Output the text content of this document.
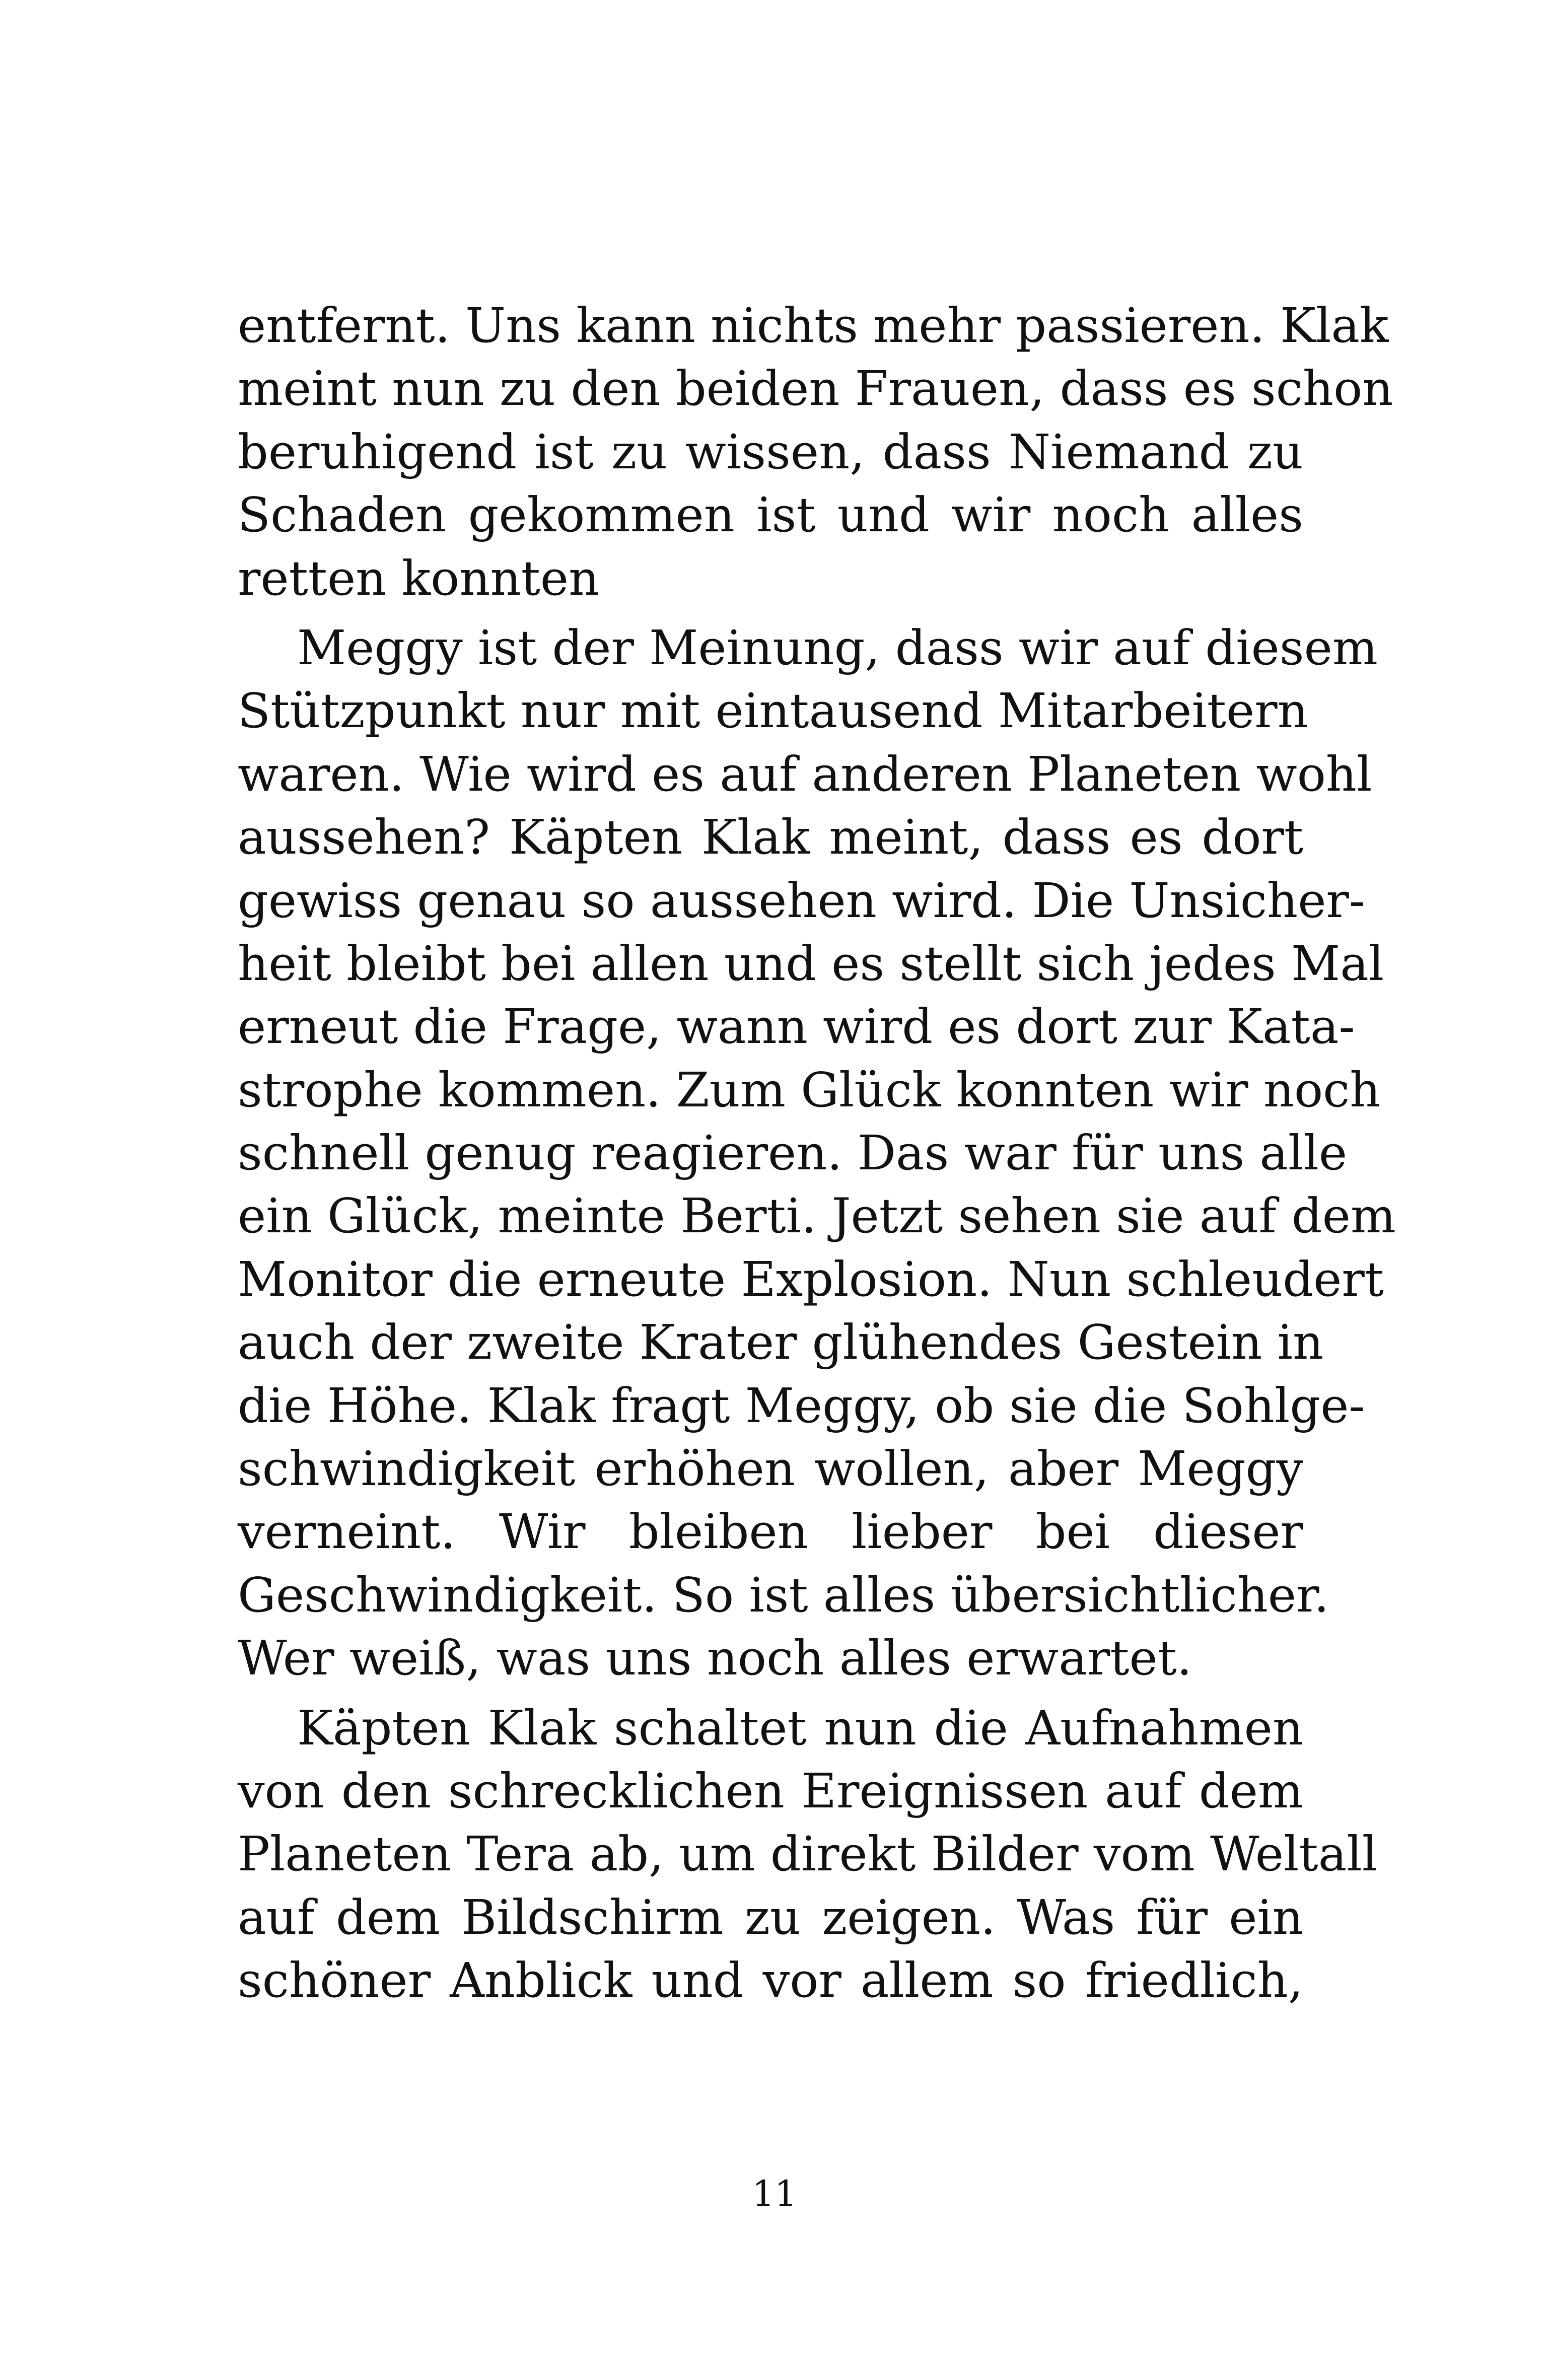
entfernt. Uns kann nichts mehr passieren. Klak
meint nun zu den beiden Frauen, dass es schon
beruhigend ist zu wissen, dass Niemand zu
Schaden gekommen ist und wir noch alles
retten konnten
Meggy ist der Meinung, dass wir auf diesem
Stützpunkt nur mit eintausend Mitarbeitern
waren. Wie wird es auf anderen Planeten wohl
aussehen? Käpten Klak meint, dass es dort
gewiss genau so aussehen wird. Die Unsicher-
heit bleibt bei allen und es stellt sich jedes Mal
erneut die Frage, wann wird es dort zur Kata-
strophe kommen. Zum Glück konnten wir noch
schnell genug reagieren. Das war für uns alle
ein Glück, meinte Berti. Jetzt sehen sie auf dem
Monitor die erneute Explosion. Nun schleudert
auch der zweite Krater glühendes Gestein in
die Höhe. Klak fragt Meggy, ob sie die Sohlge-
schwindigkeit erhöhen wollen, aber Meggy
verneint. Wir bleiben lieber bei dieser
Geschwindigkeit. So ist alles übersichtlicher.
Wer weiß, was uns noch alles erwartet.
Käpten Klak schaltet nun die Aufnahmen
von den schrecklichen Ereignissen auf dem
Planeten Tera ab, um direkt Bilder vom Weltall
auf dem Bildschirm zu zeigen. Was für ein
schöner Anblick und vor allem so friedlich,
11
